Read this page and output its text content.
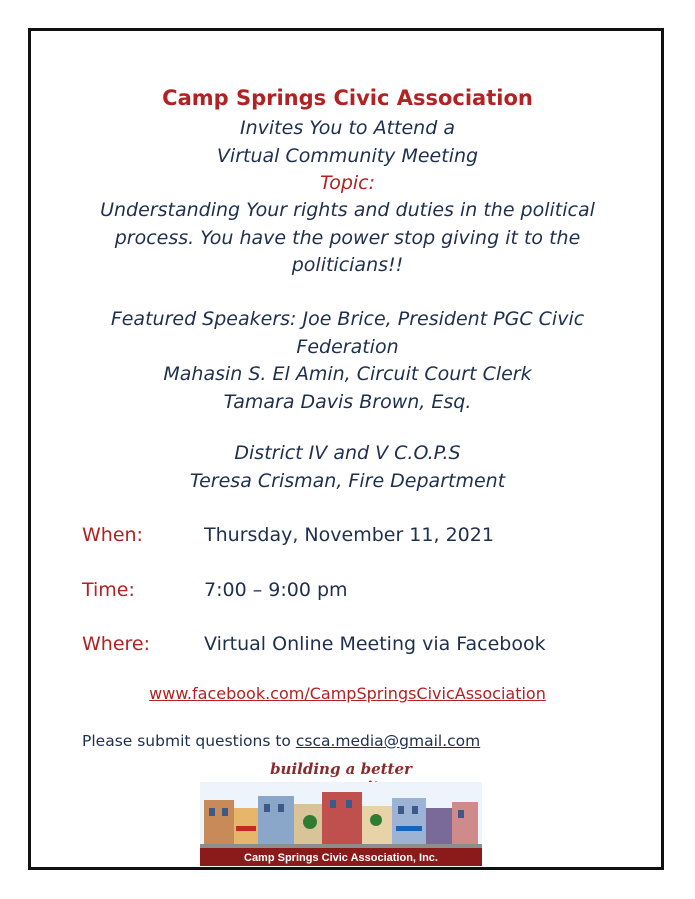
Camp Springs Civic Association
Invites You to Attend a
Virtual Community Meeting
Topic:
Understanding Your rights and duties in the political
process. You have the power stop giving it to the
politicians!!
Featured Speakers: Joe Brice, President PGC Civic
Federation
Mahasin S. El Amin, Circuit Court Clerk
Tamara Davis Brown, Esq.
District IV and V C.O.P.S
Teresa Crisman, Fire Department
When:	Thursday, November 11, 2021
Time:	7:00 – 9:00 pm
Where:	Virtual Online Meeting via Facebook
www.facebook.com/CampSpringsCivicAssociation
Please submit questions to csca.media@gmail.com
building a better
Camp Springs Civic Association, Inc.
